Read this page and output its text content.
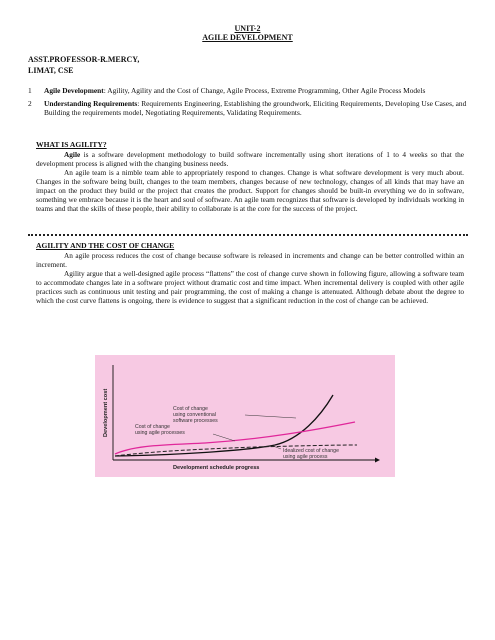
UNIT-2
AGILE DEVELOPMENT
ASST.PROFESSOR-R.MERCY,
LIMAT, CSE
1 Agile Development: Agility, Agility and the Cost of Change, Agile Process, Extreme Programming, Other Agile Process Models
2 Understanding Requirements: Requirements Engineering, Establishing the groundwork, Eliciting Requirements, Developing Use Cases, and Building the requirements model, Negotiating Requirements, Validating Requirements.
WHAT IS AGILITY?

Agile is a software development methodology to build software incrementally using short iterations of 1 to 4 weeks so that the development process is aligned with the changing business needs.

An agile team is a nimble team able to appropriately respond to changes. Change is what software development is very much about. Changes in the software being built, changes to the team members, changes because of new technology, changes of all kinds that may have an impact on the product they build or the project that creates the product. Support for changes should be built-in everything we do in software, something we embrace because it is the heart and soul of software. An agile team recognizes that software is developed by individuals working in teams and that the skills of these people, their ability to collaborate is at the core for the success of the project.

AGILITY AND THE COST OF CHANGE

An agile process reduces the cost of change because software is released in increments and change can be better controlled within an increment.

Agility argue that a well-designed agile process “flattens” the cost of change curve shown in following figure, allowing a software team to accommodate changes late in a software project without dramatic cost and time impact. When incremental delivery is coupled with other agile practices such as continuous unit testing and pair programming, the cost of making a change is attenuated. Although debate about the degree to which the cost curve flattens is ongoing, there is evidence to suggest that a significant reduction in the cost of change can be achieved.

Development cost
Development schedule progress
Cost of change using conventional software processes
Cost of change using agile processes
Idealized cost of change using agile process
